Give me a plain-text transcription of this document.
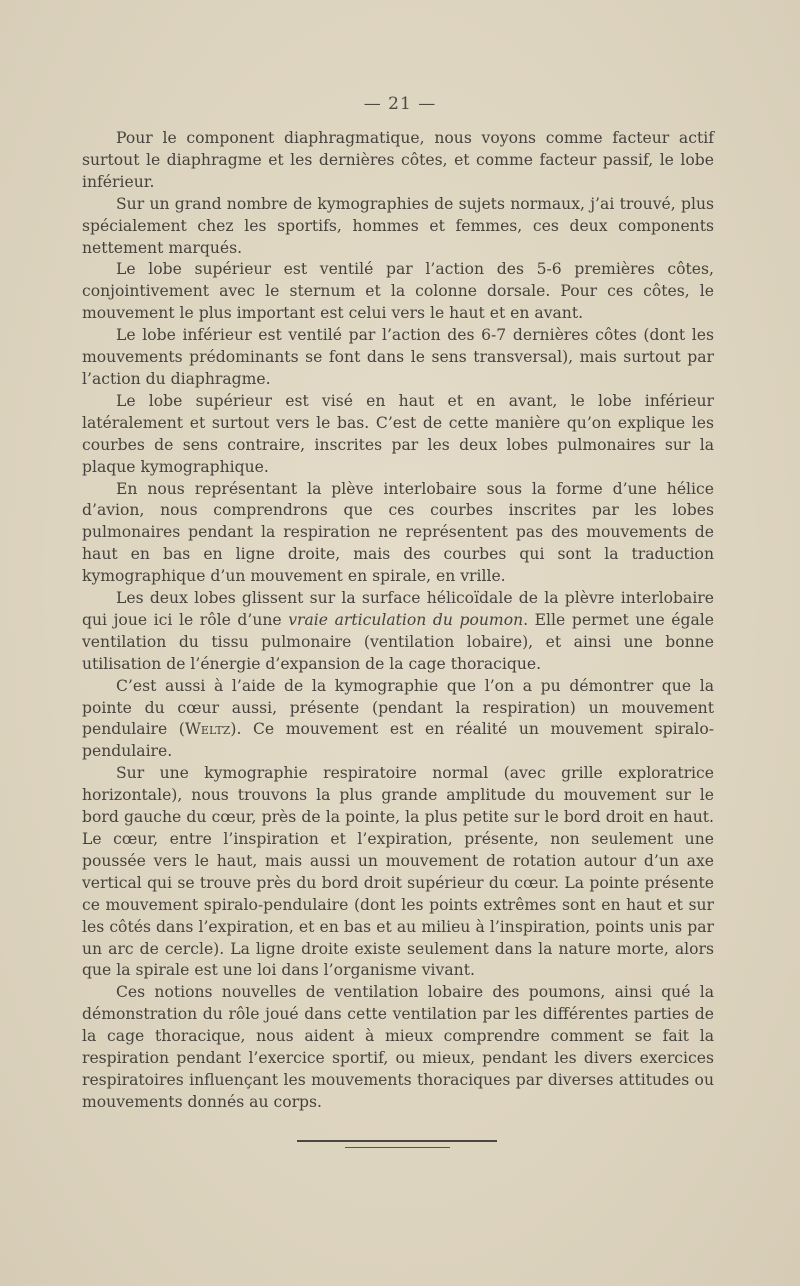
— 21 —

Pour le component diaphragmatique, nous voyons comme facteur actif surtout le diaphragme et les dernières côtes, et comme facteur passif, le lobe inférieur.

Sur un grand nombre de kymographies de sujets normaux, j’ai trouvé, plus spécialement chez les sportifs, hommes et femmes, ces deux components nettement marqués.

Le lobe supérieur est ventilé par l’action des 5-6 premières côtes, conjointivement avec le sternum et la colonne dorsale. Pour ces côtes, le mouvement le plus important est celui vers le haut et en avant.

Le lobe inférieur est ventilé par l’action des 6-7 dernières côtes (dont les mouvements prédominants se font dans le sens transversal), mais surtout par l’action du diaphragme.

Le lobe supérieur est visé en haut et en avant, le lobe inférieur latéralement et surtout vers le bas. C’est de cette manière qu’on explique les courbes de sens contraire, inscrites par les deux lobes pulmonaires sur la plaque kymographique.

En nous représentant la plève interlobaire sous la forme d’une hélice d’avion, nous comprendrons que ces courbes inscrites par les lobes pulmonaires pendant la respiration ne représentent pas des mouvements de haut en bas en ligne droite, mais des courbes qui sont la traduction kymographique d’un mouvement en spirale, en vrille.

Les deux lobes glissent sur la surface hélicoïdale de la plèvre interlobaire qui joue ici le rôle d’une vraie articulation du poumon. Elle permet une égale ventilation du tissu pulmonaire (ventilation lobaire), et ainsi une bonne utilisation de l’énergie d’expansion de la cage thoracique.

C’est aussi à l’aide de la kymographie que l’on a pu démontrer que la pointe du cœur aussi, présente (pendant la respiration) un mouvement pendulaire (Weltz). Ce mouvement est en réalité un mouvement spiralo-pendulaire.

Sur une kymographie respiratoire normal (avec grille exploratrice horizontale), nous trouvons la plus grande amplitude du mouvement sur le bord gauche du cœur, près de la pointe, la plus petite sur le bord droit en haut. Le cœur, entre l’inspiration et l’expiration, présente, non seulement une poussée vers le haut, mais aussi un mouvement de rotation autour d’un axe vertical qui se trouve près du bord droit supérieur du cœur. La pointe présente ce mouvement spiralo-pendulaire (dont les points extrêmes sont en haut et sur les côtés dans l’expiration, et en bas et au milieu à l’inspiration, points unis par un arc de cercle). La ligne droite existe seulement dans la nature morte, alors que la spirale est une loi dans l’organisme vivant.

Ces notions nouvelles de ventilation lobaire des poumons, ainsi qué la démonstration du rôle joué dans cette ventilation par les différentes parties de la cage thoracique, nous aident à mieux comprendre comment se fait la respiration pendant l’exercice sportif, ou mieux, pendant les divers exercices respiratoires influençant les mouvements thoraciques par diverses attitudes ou mouvements donnés au corps.
